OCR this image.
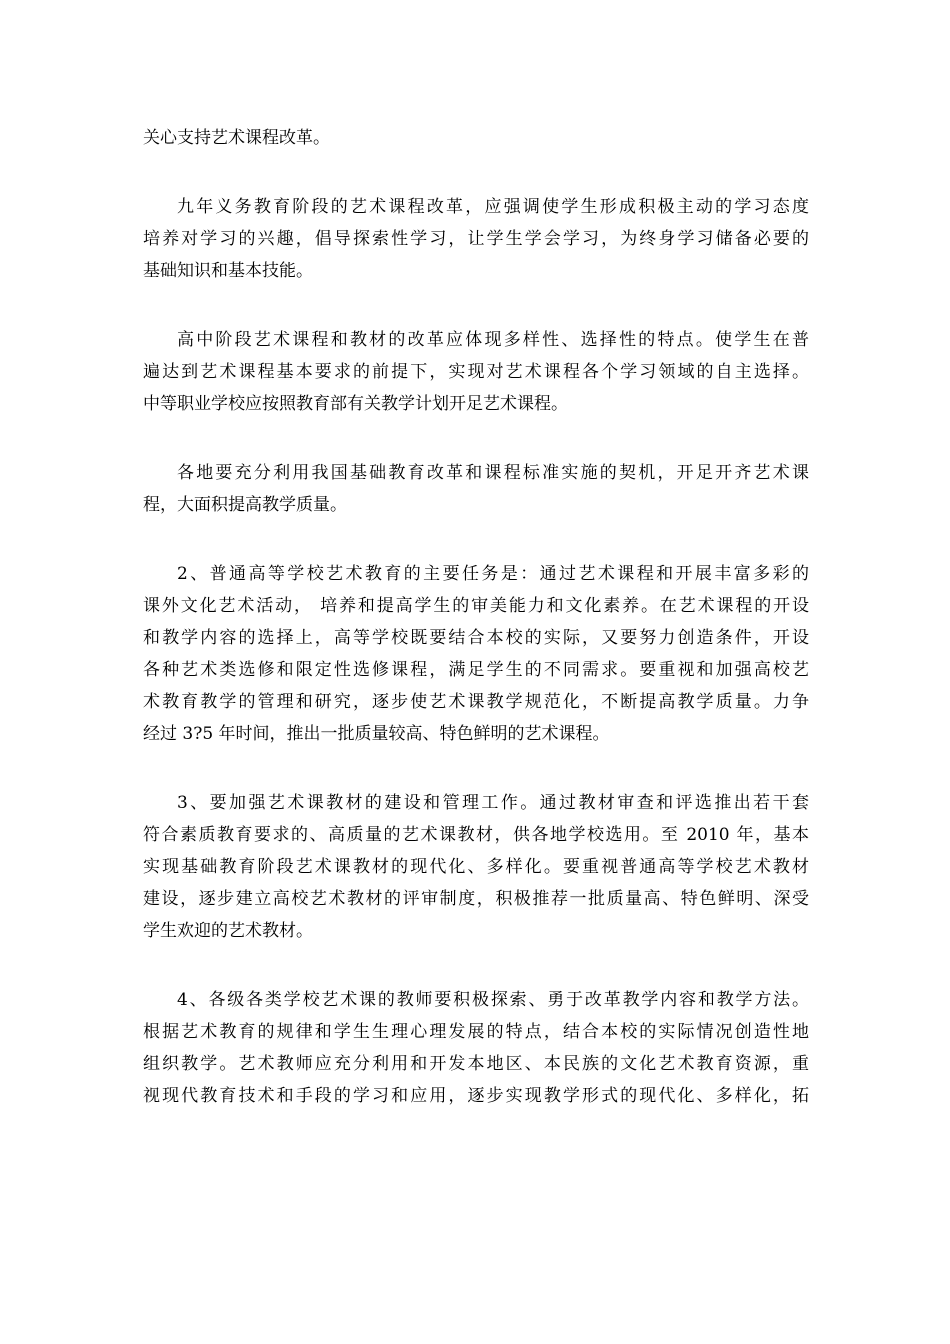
关心支持艺术课程改革。

九年义务教育阶段的艺术课程改革，应强调使学生形成积极主动的学习态度
培养对学习的兴趣，倡导探索性学习，让学生学会学习，为终身学习储备必要的
基础知识和基本技能。

高中阶段艺术课程和教材的改革应体现多样性、选择性的特点。使学生在普
遍达到艺术课程基本要求的前提下，实现对艺术课程各个学习领域的自主选择。
中等职业学校应按照教育部有关教学计划开足艺术课程。

各地要充分利用我国基础教育改革和课程标准实施的契机，开足开齐艺术课
程，大面积提高教学质量。

2、普通高等学校艺术教育的主要任务是：通过艺术课程和开展丰富多彩的
课外文化艺术活动， 培养和提高学生的审美能力和文化素养。在艺术课程的开设
和教学内容的选择上，高等学校既要结合本校的实际，又要努力创造条件，开设
各种艺术类选修和限定性选修课程，满足学生的不同需求。要重视和加强高校艺
术教育教学的管理和研究，逐步使艺术课教学规范化，不断提高教学质量。力争
经过 3?5 年时间，推出一批质量较高、特色鲜明的艺术课程。

3、要加强艺术课教材的建设和管理工作。通过教材审查和评选推出若干套
符合素质教育要求的、高质量的艺术课教材，供各地学校选用。至 2010 年，基本
实现基础教育阶段艺术课教材的现代化、多样化。要重视普通高等学校艺术教材
建设，逐步建立高校艺术教材的评审制度，积极推荐一批质量高、特色鲜明、深受
学生欢迎的艺术教材。

4、各级各类学校艺术课的教师要积极探索、勇于改革教学内容和教学方法。
根据艺术教育的规律和学生生理心理发展的特点，结合本校的实际情况创造性地
组织教学。艺术教师应充分利用和开发本地区、本民族的文化艺术教育资源，重
视现代教育技术和手段的学习和应用，逐步实现教学形式的现代化、多样化，拓
